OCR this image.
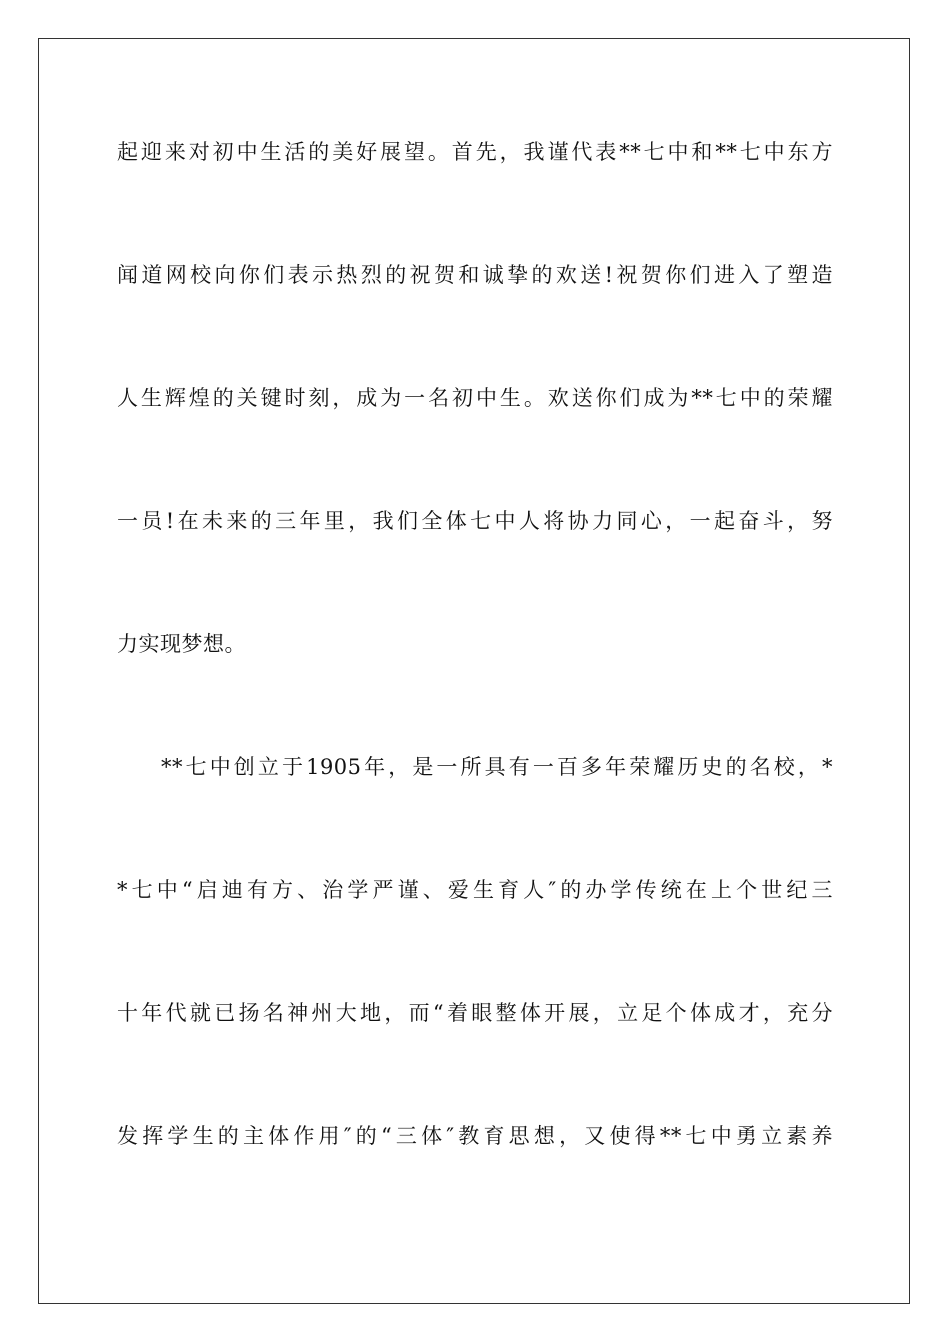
起迎来对初中生活的美好展望。首先，我谨代表**七中和**七中东方
闻道网校向你们表示热烈的祝贺和诚挚的欢送!祝贺你们进入了塑造
人生辉煌的关键时刻，成为一名初中生。欢送你们成为**七中的荣耀
一员!在未来的三年里，我们全体七中人将协力同心，一起奋斗，努
力实现梦想。
**七中创立于1905年，是一所具有一百多年荣耀历史的名校，*
*七中“启迪有方、治学严谨、爱生育人″的办学传统在上个世纪三
十年代就已扬名神州大地，而“着眼整体开展，立足个体成才，充分
发挥学生的主体作用″的“三体″教育思想，又使得**七中勇立素养
